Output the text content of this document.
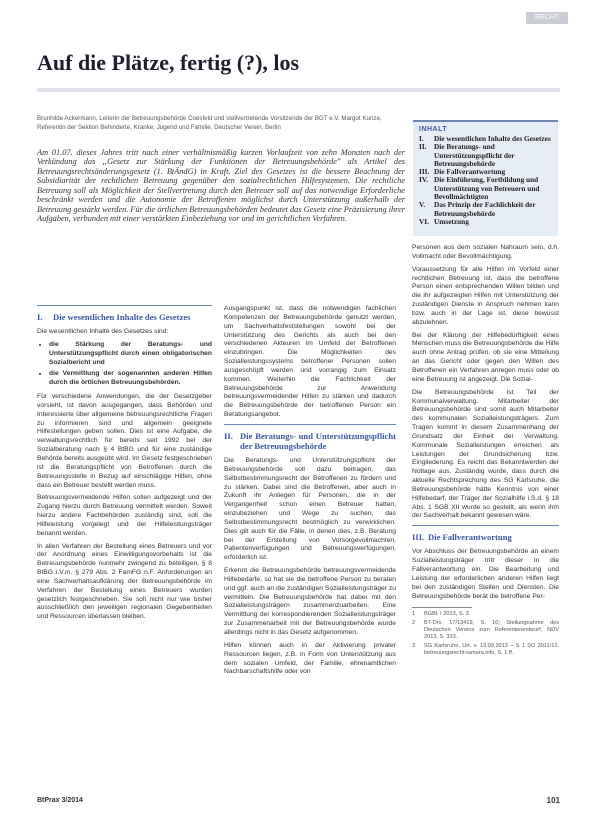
RECHT
Auf die Plätze, fertig (?), los
Brunhilde Ackermann, Leiterin der Betreuungsbehörde Coesfeld und stellvertretende Vorsitzende der BGT e.V. Margot Kunze, Referentin der Sektion Behinderte, Kranke, Jugend und Familie, Deutscher Verein, Berlin
Am 01.07. dieses Jahres tritt nach einer verhältnismäßig kurzen Vorlaufzeit von zehn Monaten nach der Verkündung das „Gesetz zur Stärkung der Funktionen der Betreuungsbehörde" als Artikel des Betreuungsrechtsänderungsgesetz (1. BtÄndG) in Kraft. Ziel des Gesetzes ist die bessere Beachtung der Subsidiarität der rechtlichen Betreuung gegenüber den sozialrechtlichen Hilfesystemen. Die rechtliche Betreuung soll als Möglichkeit der Stellvertretung durch den Betreuer soll auf das notwendige Erforderliche beschränkt werden und die Autonomie der Betroffenen möglichst durch Unterstützung außerhalb der Betreuung gestärkt werden. Für die örtlichen Betreuungsbehörden bedeutet das Gesetz eine Präzisierung ihrer Aufgaben, verbunden mit einer verstärkten Einbeziehung vor und im gerichtlichen Verfahren.
INHALT
I.	Die wesentlichen Inhalte des Gesetzes
II.	Die Beratungs- und Unterstützungspflicht der Betreuungsbehörde
III. Die Fallverantwortung
IV. Die Einführung, Fortbildung und Unterstützung von Betreuern und Bevollmächtigten
V.	Das Prinzip der Fachlichkeit der Betreuungsbehörde
VI. Umsetzung
I.	Die wesentlichen Inhalte des Gesetzes

Die wesentlichen Inhalte des Gesetzes sind:

• die Stärkung der Beratungs- und Unterstützungspflicht durch einen obligatorischen Sozialbericht und
• die Vermittlung der sogenannten anderen Hilfen durch die örtlichen Betreuungsbehörden.

Für verschiedene Anwendungen, die der Gesetzgeber vorsieht, ist davon ausgegangen, dass Behörden und Interessierte über allgemeine betreuungsrechtliche Fragen zu informieren sind und allgemein geeignete Hilfestellungen geben sollen. Dies ist eine Aufgabe, die verwaltungsrechtlich für bereits seit 1992 bei der Sozialberatung nach § 4 BtBG und für eine zuständige Behörde bereits ausgeübt wird. Im Gesetz festgeschrieben ist die Beratungspflicht von Betroffenen durch die Betreuungsstelle in Bezug auf einschlägige Hilfen, ohne dass ein Betreuer bestellt werden muss.

Betreuungsvermeidende Hilfen sollen aufgezeigt und der Zugang hierzu durch Betreuung vermittelt werden. Soweit hierzu andere Fachbehörden zuständig sind, soll die Hilfeleistung vorgelegt und der Hilfeleistungsträger benannt werden.

In allen Verfahren der Bestellung eines Betreuers und vor der Anordnung eines Einwilligungsvorbehalts ist die Betreuungsbehörde nunmehr zwingend zu beteiligen, § 8 BtBG i.V.m. § 279 Abs. 2 FamFG n.F. Anforderungen an eine Sachverhaltsaufklärung der Betreuungsbehörde im Verfahren der Bestellung eines Betreuers wurden gesetzlich festgeschrieben. Sie soll nicht nur wie bisher ausschließlich den jeweiligen regionalen Gegebenheiten und Ressourcen überlassen bleiben.

Ausgangspunkt ist, dass die notwendigen fachlichen Kompetenzen der Betreuungsbehörde genutzt werden, um Sachverhaltsfeststellungen sowohl bei der Unterstützung des Gerichts als auch bei den verschiedenen Akteuren im Umfeld der Betroffenen einzubringen. Die Möglichkeiten des Sozialleistungssystems betroffener Personen sollen ausgeschöpft werden und vorrangig zum Einsatz kommen. Weiterhin die Fachlichkeit der Betreuungsbehörde zur Anwendung betreuungsvermeidender Hilfen zu stärken und dadurch die Betreuungsbehörde der betroffenen Person ein Beratungsangebot.

II. Die Beratungs- und Unterstützungspflicht der Betreuungsbehörde

Die Beratungs- und Unterstützungspflicht der Betreuungsbehörde soll dazu beitragen, das Selbstbestimmungsrecht der Betroffenen zu fördern und zu stärken. Dabei sind die Betroffenen, aber auch in Zukunft ihr Anliegen für Personen, die in der Vergangenheit schon einen Betreuer hatten, einzubeziehen und Wege zu suchen, das Selbstbestimmungsrecht bestmöglich zu verwirklichen. Dies gilt auch für die Fälle, in denen dies, z.B. Beratung bei der Erstellung von Vorsorgevollmachten, Patientenverfügungen und Betreuungsverfügungen, erforderlich ist.

Erkennt die Betreuungsbehörde betreuungsvermeidende Hilfebedarfe, so hat sie die betroffene Person zu beraten und ggf. auch an die zuständigen Sozialleistungsträger zu vermitteln. Die Betreuungsbehörde hat dabei mit den Sozialleistungsträgern zusammenzuarbeiten. Eine Vermittlung der korrespondierenden Sozialleistungsträger zur Zusammenarbeit mit der Betreuungsbehörde wurde allerdings nicht in das Gesetz aufgenommen.

Hilfen können auch in der Aktivierung privater Ressourcen liegen, z.B. in Form von Unterstützung aus dem sozialen Umfeld, der Familie, ehrenamtlichen Nachbarschaftshilfe oder von

Personen aus dem sozialen Nahraum sein, d.h. Vollmacht oder Bevollmächtigung.

Voraussetzung für alle Hilfen im Vorfeld einer rechtlichen Betreuung ist, dass die betroffene Person einen entsprechenden Willen bilden und die ihr aufgezeigten Hilfen mit Unterstützung der zuständigen Dienste in Anspruch nehmen kann bzw. auch in der Lage ist, diese bewusst abzulehnen.

Bei der Klärung der Hilfebedürftigkeit eines Menschen muss die Betreuungsbehörde die Hilfe auch ohne Antrag prüfen, ob sie eine Mitteilung an das Gericht oder gegen den Willen des Betroffenen ein Verfahren anregen muss oder ob eine Betreuung ist angezeigt. Die Sozial-

Die Betreuungsbehörde ist Teil der Kommunalverwaltung. Mitarbeiter der Betreuungsbehörde sind somit auch Mitarbeiter des kommunalen Sozialleistungsträgers. Zum Tragen kommt in diesem Zusammenhang der Grundsatz der Einheit der Verwaltung. Kommunale Sozialleistungen erreichen als Leistungen der Grundsicherung bzw. Eingliederung. Es reicht das Bekanntwerden der Notlage aus. Zuständig wurde, dass durch die aktuelle Rechtsprechung des SG Karlsruhe, die Betreuungsbehörde hätte Kenntnis von einer Hilfebedarf, der Träger der Sozialhilfe i.S.d. § 18 Abs. 1 SGB XII wurde so gestellt, als wenn ihm der Sachverhalt bekannt gewesen wäre.

III. Die Fallverantwortung

Vor Abschluss der Betreuungsbehörde an einem Sozialleistungsträger tritt dieser in die Fallverantwortung ein. Die Bearbeitung und Leistung der erforderlichen anderen Hilfen liegt bei den zuständigen Stellen und Diensten. Die Betreuungsbehörde berät die betroffene Per-

1	BGBl. I 2013, S. 3.
2	BT-Drs. 17/13419, S. 10; Stellungnahme des Deutschen Vereins zum Referentenentwurf, NDV 2013, S. 333.
3	SG Karlsruhe, Urt. v. 13.09.2013 – S 1 SO 2011/12, betreuungsrecht-tamura.info, S. 1 ff.
BtPrax 3/2014	101
